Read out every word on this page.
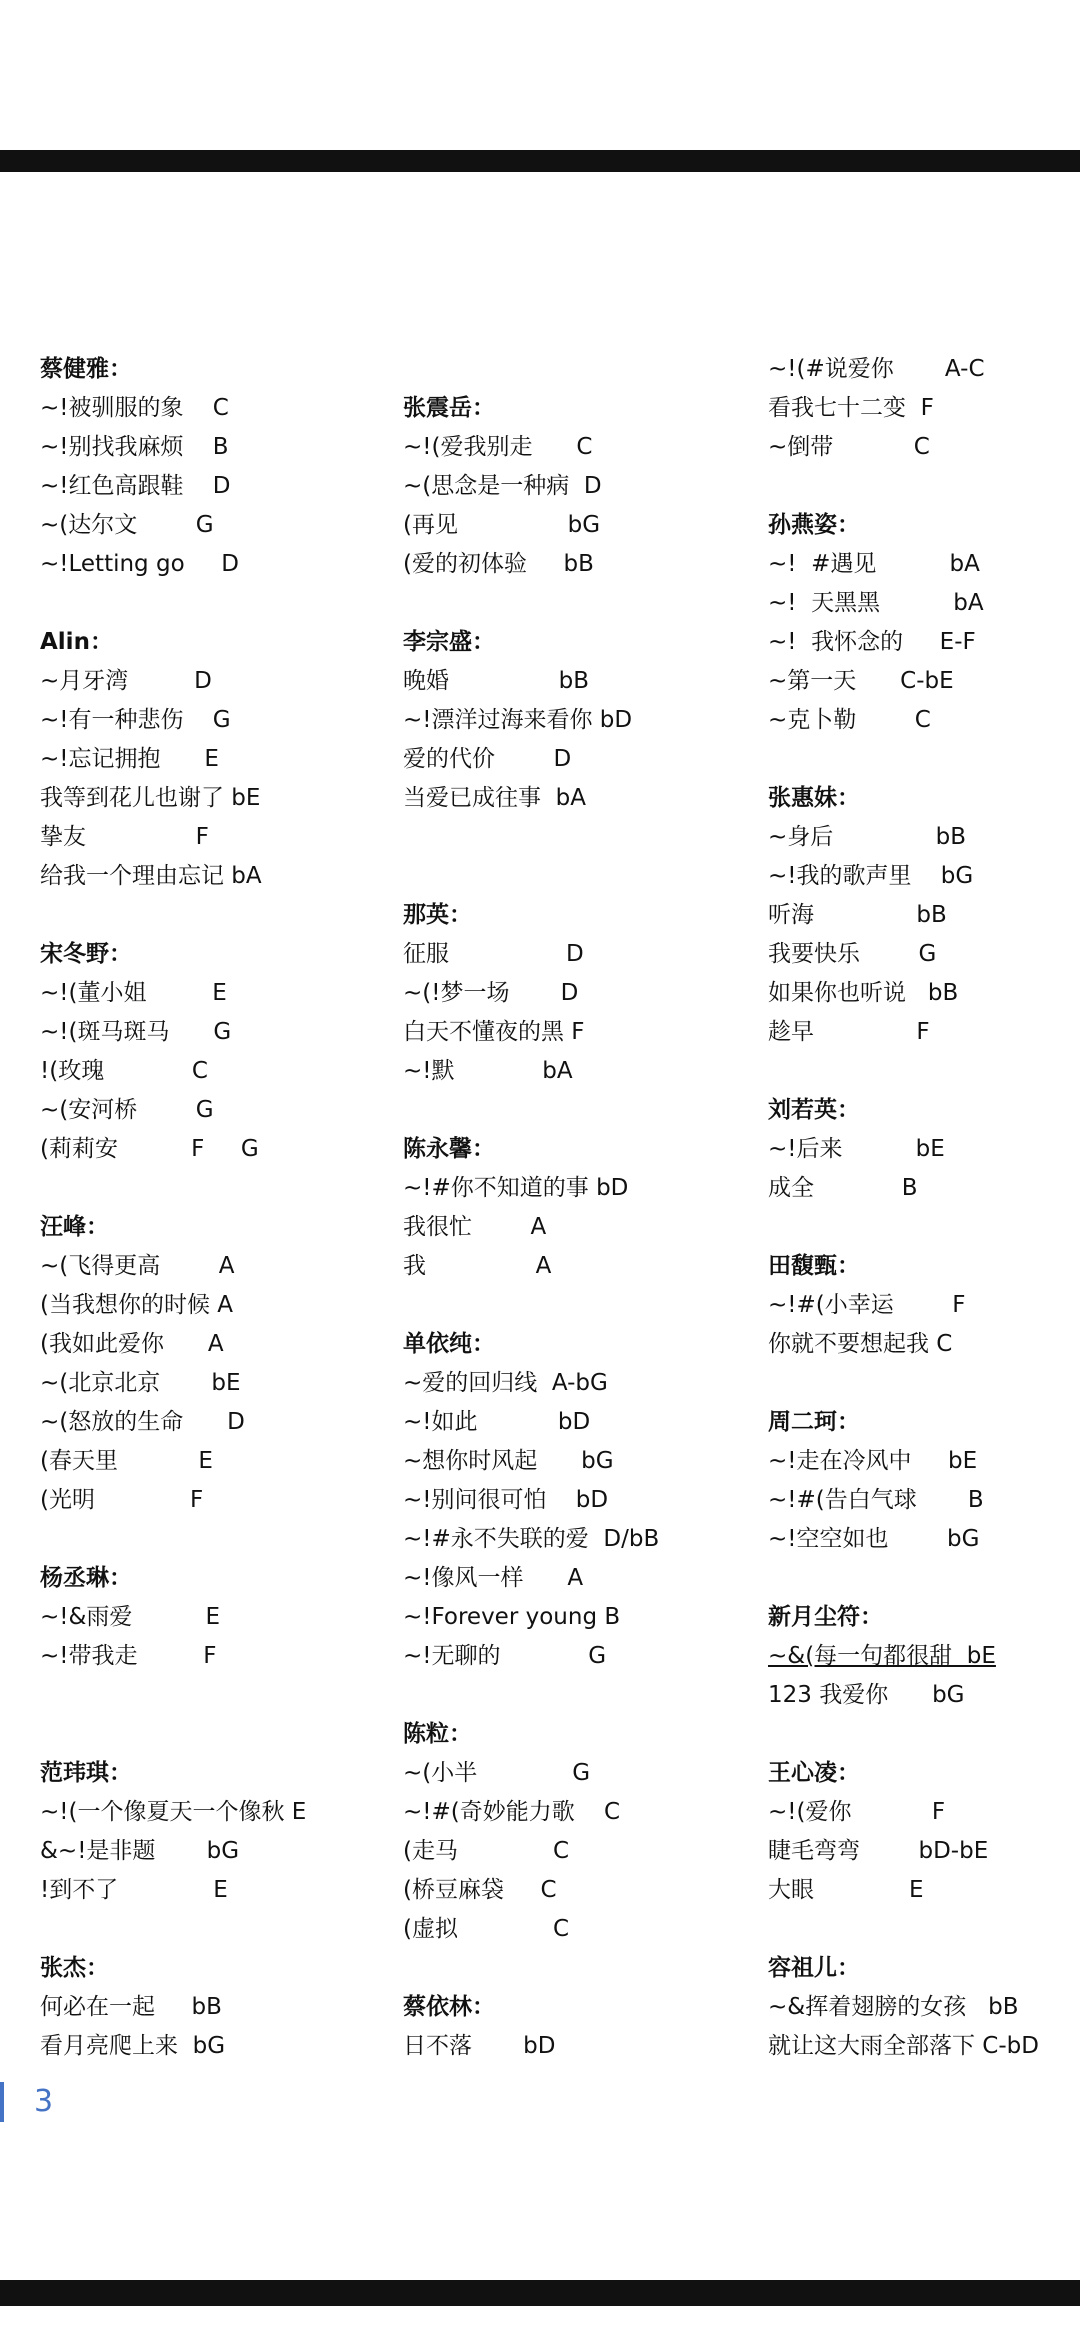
蔡健雅：
~!被驯服的象    C
~!别找我麻烦    B
~!红色高跟鞋    D
~(达尔文        G
~!Letting go     D
Alin：
~月牙湾         D
~!有一种悲伤    G
~!忘记拥抱      E
我等到花儿也谢了 bE
挚友               F
给我一个理由忘记 bA
宋冬野：
~!(董小姐         E
~!(斑马斑马      G
!(玫瑰            C
~(安河桥        G
(莉莉安          F     G
汪峰：
~(飞得更高        A
(当我想你的时候 A
(我如此爱你      A
~(北京北京       bE
~(怒放的生命      D
(春天里           E
(光明             F
杨丞琳：
~!&雨爱          E
~!带我走         F
范玮琪：
~!(一个像夏天一个像秋 E
&~!是非题       bG
!到不了             E
张杰：
何必在一起     bB
看月亮爬上来  bG
张震岳：
~!(爱我别走      C
~(思念是一种病  D
(再见               bG
(爱的初体验     bB
李宗盛：
晚婚               bB
~!漂洋过海来看你 bD
爱的代价        D
当爱已成往事  bA
那英：
征服                D
~(!梦一场       D
白天不懂夜的黑 F
~!默            bA
陈永馨：
~!#你不知道的事 bD
我很忙        A
我               A
单依纯：
~爱的回归线  A-bG
~!如此           bD
~想你时风起      bG
~!别问很可怕    bD
~!#永不失联的爱  D/bB
~!像风一样      A
~!Forever young B
~!无聊的            G
陈粒：
~(小半             G
~!#(奇妙能力歌    C
(走马             C
(桥豆麻袋     C
(虚拟             C
蔡依林：
日不落       bD
~!(#说爱你       A-C
看我七十二变  F
~倒带           C
孙燕姿：
~!  #遇见          bA
~!  天黑黑          bA
~!  我怀念的     E-F
~第一天      C-bE
~克卜勒        C
张惠妹：
~身后              bB
~!我的歌声里    bG
听海              bB
我要快乐        G
如果你也听说   bB
趁早              F
刘若英：
~!后来          bE
成全            B
田馥甄：
~!#(小幸运        F
你就不要想起我 C
周二珂：
~!走在冷风中     bE
~!#(告白气球       B
~!空空如也        bG
新月尘符：
~&(每一句都很甜  bE
123 我爱你      bG
王心凌：
~!(爱你           F
睫毛弯弯        bD-bE
大眼             E
容祖儿：
~&挥着翅膀的女孩   bB
就让这大雨全部落下 C-bD
3
